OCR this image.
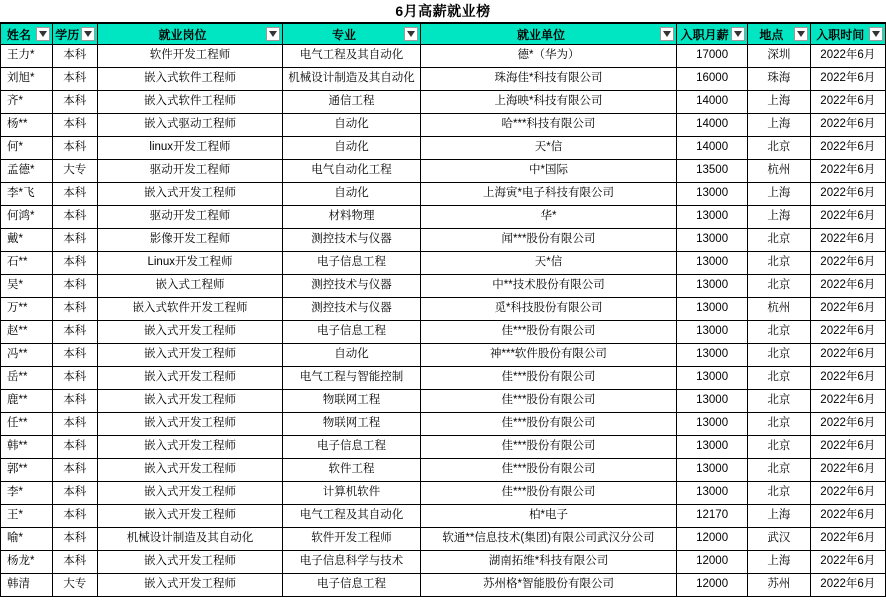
6月高薪就业榜
姓名	学历	就业岗位	专业	就业单位	入职月薪	地点	入职时间

王力*	本科	软件开发工程师	电气工程及其自动化	德*（华为）	17000	深圳	2022年6月
刘旭*	本科	嵌入式软件工程师	机械设计制造及其自动化	珠海佳*科技有限公司	16000	珠海	2022年6月
齐*	本科	嵌入式软件工程师	通信工程	上海映*科技有限公司	14000	上海	2022年6月
杨**	本科	嵌入式驱动工程师	自动化	哈***科技有限公司	14000	上海	2022年6月
何*	本科	linux开发工程师	自动化	天*信	14000	北京	2022年6月
孟德*	大专	驱动开发工程师	电气自动化工程	中*国际	13500	杭州	2022年6月
李*飞	本科	嵌入式开发工程师	自动化	上海寅*电子科技有限公司	13000	上海	2022年6月
何鸿*	本科	驱动开发工程师	材料物理	华*	13000	上海	2022年6月
戴*	本科	影像开发工程师	测控技术与仪器	闻***股份有限公司	13000	北京	2022年6月
石**	本科	Linux开发工程师	电子信息工程	天*信	13000	北京	2022年6月
吴*	本科	嵌入式工程师	测控技术与仪器	中**技术股份有限公司	13000	北京	2022年6月
万**	本科	嵌入式软件开发工程师	测控技术与仪器	觅*科技股份有限公司	13000	杭州	2022年6月
赵**	本科	嵌入式开发工程师	电子信息工程	佳***股份有限公司	13000	北京	2022年6月
冯**	本科	嵌入式开发工程师	自动化	神***软件股份有限公司	13000	北京	2022年6月
岳**	本科	嵌入式开发工程师	电气工程与智能控制	佳***股份有限公司	13000	北京	2022年6月
鹿**	本科	嵌入式开发工程师	物联网工程	佳***股份有限公司	13000	北京	2022年6月
任**	本科	嵌入式开发工程师	物联网工程	佳***股份有限公司	13000	北京	2022年6月
韩**	本科	嵌入式开发工程师	电子信息工程	佳***股份有限公司	13000	北京	2022年6月
郭**	本科	嵌入式开发工程师	软件工程	佳***股份有限公司	13000	北京	2022年6月
李*	本科	嵌入式开发工程师	计算机软件	佳***股份有限公司	13000	北京	2022年6月
王*	本科	嵌入式开发工程师	电气工程及其自动化	柏*电子	12170	上海	2022年6月
喻*	本科	机械设计制造及其自动化	软件开发工程师	软通**信息技术(集团)有限公司武汉分公司	12000	武汉	2022年6月
杨龙*	本科	嵌入式开发工程师	电子信息科学与技术	湖南拓维*科技有限公司	12000	上海	2022年6月
韩清	大专	嵌入式开发工程师	电子信息工程	苏州格*智能股份有限公司	12000	苏州	2022年6月
